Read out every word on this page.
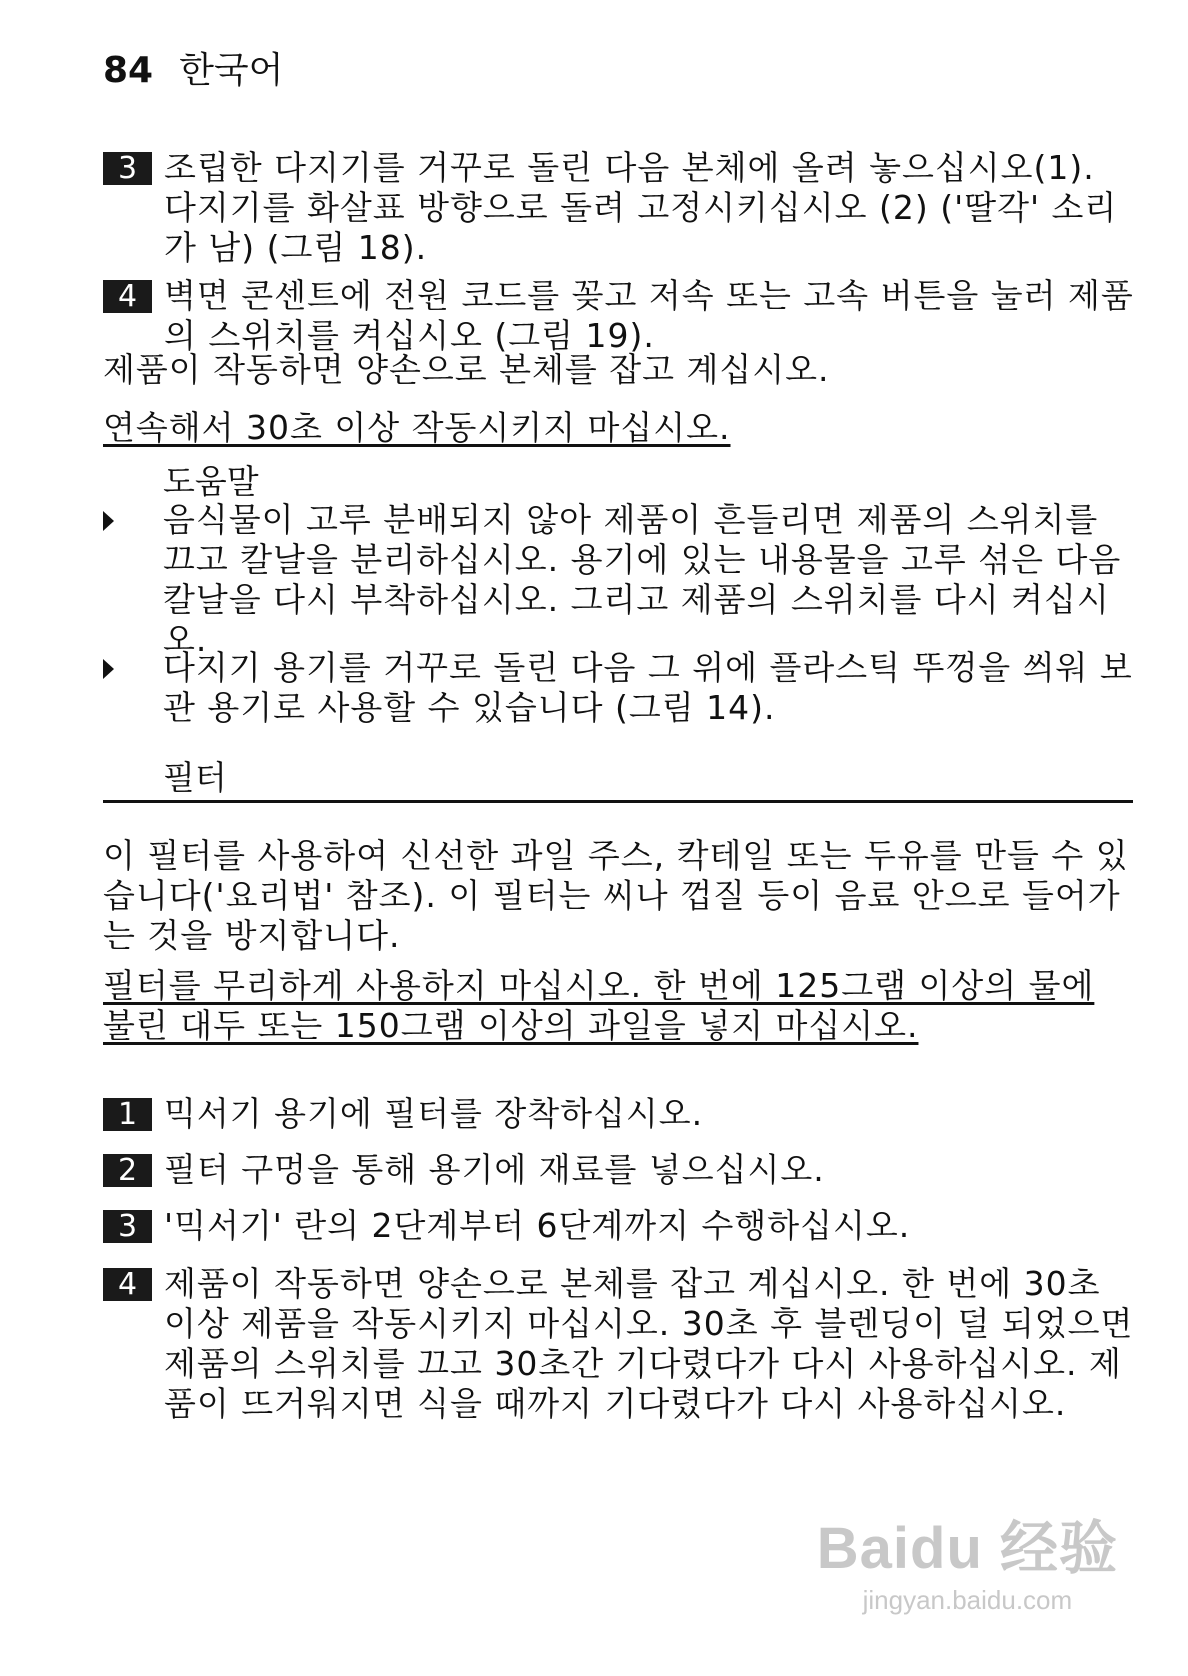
84 한국어
3 조립한 다지기를 거꾸로 돌린 다음 본체에 올려 놓으십시오(1). 다지기를 화살표 방향으로 돌려 고정시키십시오 (2) ('딸각' 소리가 남) (그림 18).
4 벽면 콘센트에 전원 코드를 꽂고 저속 또는 고속 버튼을 눌러 제품의 스위치를 켜십시오 (그림 19).
제품이 작동하면 양손으로 본체를 잡고 계십시오.
연속해서 30초 이상 작동시키지 마십시오.
도움말
음식물이 고루 분배되지 않아 제품이 흔들리면 제품의 스위치를 끄고 칼날을 분리하십시오. 용기에 있는 내용물을 고루 섞은 다음 칼날을 다시 부착하십시오. 그리고 제품의 스위치를 다시 켜십시오.
다지기 용기를 거꾸로 돌린 다음 그 위에 플라스틱 뚜껑을 씌워 보관 용기로 사용할 수 있습니다 (그림 14).
필터
이 필터를 사용하여 신선한 과일 주스, 칵테일 또는 두유를 만들 수 있습니다('요리법' 참조). 이 필터는 씨나 껍질 등이 음료 안으로 들어가는 것을 방지합니다.
필터를 무리하게 사용하지 마십시오. 한 번에 125그램 이상의 물에 불린 대두 또는 150그램 이상의 과일을 넣지 마십시오.
1 믹서기 용기에 필터를 장착하십시오.
2 필터 구멍을 통해 용기에 재료를 넣으십시오.
3 '믹서기' 란의 2단계부터 6단계까지 수행하십시오.
4 제품이 작동하면 양손으로 본체를 잡고 계십시오. 한 번에 30초 이상 제품을 작동시키지 마십시오. 30초 후 블렌딩이 덜 되었으면 제품의 스위치를 끄고 30초간 기다렸다가 다시 사용하십시오. 제품이 뜨거워지면 식을 때까지 기다렸다가 다시 사용하십시오.
Baidu 经验
jingyan.baidu.com
